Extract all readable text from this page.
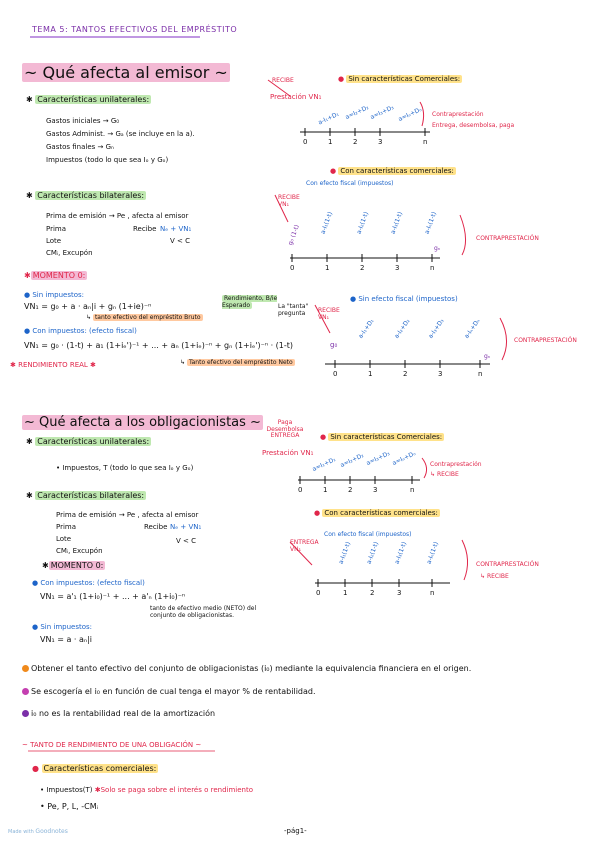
TEMA 5: TANTOS EFECTIVOS DEL EMPRÉSTITO
~ Qué afecta al emisor ~
✱ Características unilaterales:
Gastos iniciales → G₀
Gastos Administ. → Gₐ (se incluye en la a).
Gastos finales → Gₙ
Impuestos (todo lo que sea Iₒ y Gₒ)
✱ Características bilaterales:
Prima de emisión → Pe , afecta al emisor
Prima
Lote
CMᵢ, Excupón
Recibe Nₑ + VN₁
V < C
✱ MOMENTO 0:
● Sin impuestos:
VN₁ = g₀ + a · aₙ|i + gₙ (1+ie)⁻ⁿ
↳ tanto efectivo del empréstito Bruto
Rendimiento, B/ie Esperado	La "tanta" pregunta
● Con impuestos: (efecto fiscal)
VN₁ = g₀ · (1-t) + a₁ (1+iₑ')⁻¹ + ... + aₙ (1+iₑ)⁻ⁿ + gₙ (1+iₑ')⁻ⁿ · (1-t)
↳ Tanto efectivo del empréstito Neto
✱ RENDIMIENTO REAL ✱
● Sin características Comerciales:
RECIBE
Prestación VN₁
a-I₁+D₁ a=I₂+D₂ a=I₃+D₃ a=Iₙ+Dₙ
0	1	2	3	n
Contraprestación
Entrega, desembolsa, paga
● Con características comerciales:
Con efecto fiscal (impuestos)
RECIBE VN₁
g₀ (1-t)	a-I₁(1-t)	a-I₂(1-t)	a-I₃(1-t)	a-Iₙ(1-t)
gₙ
0	1	2	3	n
CONTRAPRESTACIÓN
● Sin efecto fiscal (impuestos)
RECIBE VN₁
g₀
a-I₁+D₁	a-I₂+D₂	a-I₃+D₃	a-Iₙ+Dₙ
gₙ
0	1	2	3	n
CONTRAPRESTACIÓN
~ Qué afecta a los obligacionistas ~
✱ Características unilaterales:
• Impuestos, T (todo lo que sea Iₒ y Gₒ)
✱ Características bilaterales:
Prima de emisión → Pe , afecta al emisor
Prima
Lote
CMᵢ, Excupón
Recibe Nₑ + VN₁
V < C
✱ MOMENTO 0:
● Con impuestos: (efecto fiscal)
VN₁ = a'₁ (1+i₀)⁻¹ + ... + a'ₙ (1+i₀)⁻ⁿ
tanto de efectivo medio (NETO) del conjunto de obligacionistas.
● Sin impuestos:
VN₁ = a · aₙ|i
● Sin características Comerciales:
Paga Desembolsa ENTREGA
Prestación VN₁
a=I₁+D₁ a=I₂+D₂ a=I₃+D₃ a=Iₙ+Dₙ
0	1	2	3	n
Contraprestación
↳ RECIBE
● Con características comerciales:
Con efecto fiscal (impuestos)
ENTREGA VN₁	a-I₁(1-t) a-I₂(1-t) a-I₃(1-t)	a-Iₙ(1-t)
0	1	2	3	n
CONTRAPRESTACIÓN
↳ RECIBE
Obtener el tanto efectivo del conjunto de obligacionistas (i₀) mediante la equivalencia financiera en el origen.
Se escogería el i₀ en función de cual tenga el mayor % de rentabilidad.
i₀ no es la rentabilidad real de la amortización
~ TANTO DE RENDIMIENTO DE UNA OBLIGACIÓN ~
● Características comerciales:
• Impuestos(T) ✱Solo se paga sobre el interés o rendimiento
• Pe, P, L, -CMᵢ
-pág1-
Made with Goodnotes
